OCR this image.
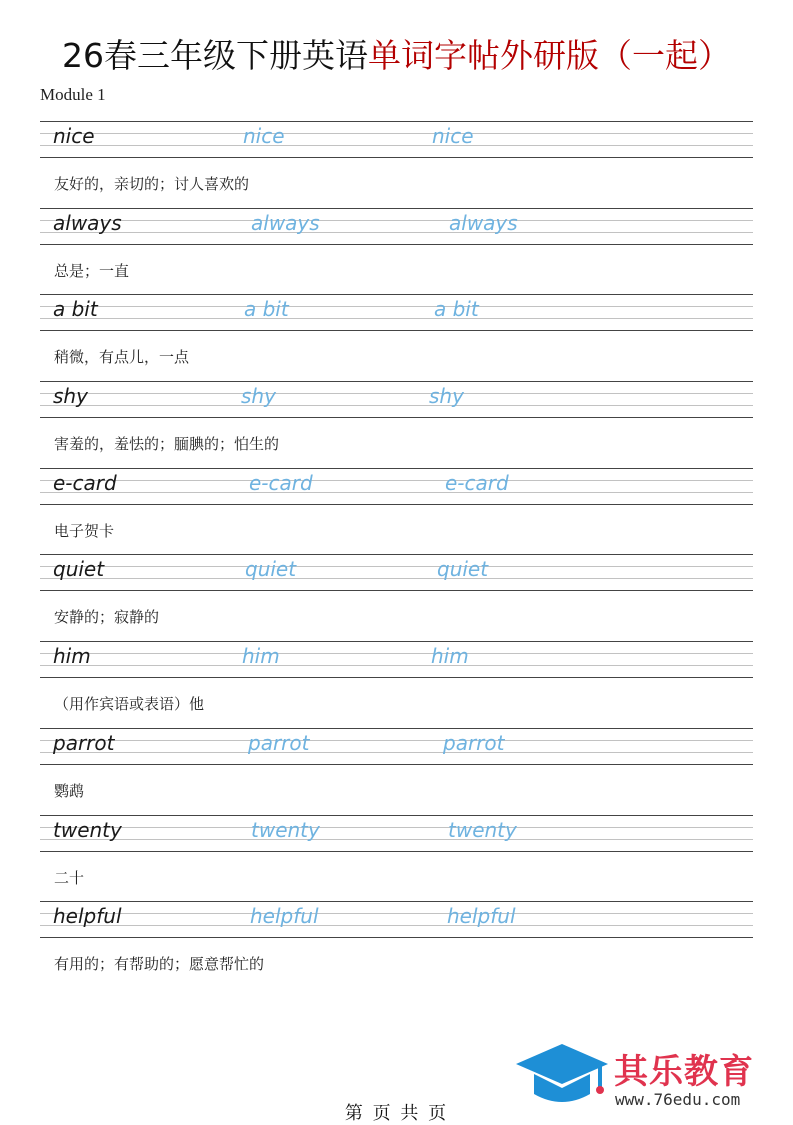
26春三年级下册英语单词字帖外研版（一起）
Module 1
nice	nice	nice
友好的，亲切的；讨人喜欢的
always	always	always
总是；一直
a bit	a bit	a bit
稍微，有点儿，一点
shy	shy	shy
害羞的，羞怯的；腼腆的；怕生的
e-card	e-card	e-card
电子贺卡
quiet	quiet	quiet
安静的；寂静的
him	him	him
（用作宾语或表语）他
parrot	parrot	parrot
鹦鹉
twenty	twenty	twenty
二十
helpful	helpful	helpful
有用的；有帮助的；愿意帮忙的
第 页 共 页
其乐教育
www.76edu.com
